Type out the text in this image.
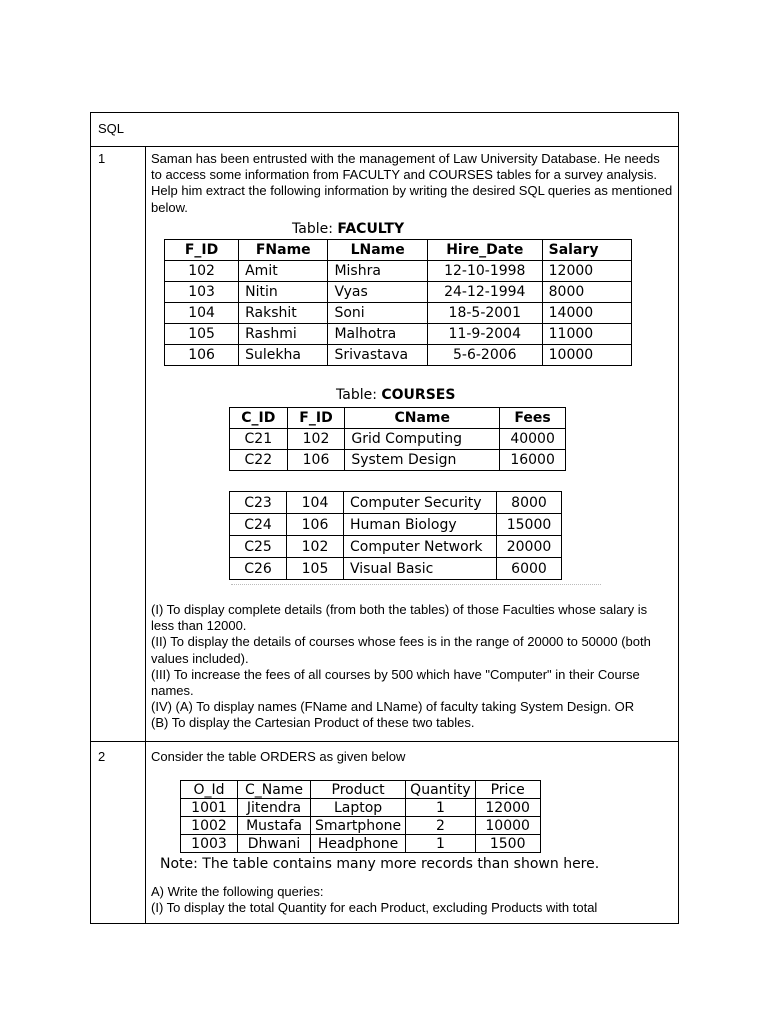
SQL
1	Saman has been entrusted with the management of Law University Database. He needs to access some information from FACULTY and COURSES tables for a survey analysis. Help him extract the following information by writing the desired SQL queries as mentioned below.
Table: FACULTY
F_ID	FName	LName	Hire_Date	Salary
102	Amit	Mishra	12-10-1998	12000
103	Nitin	Vyas	24-12-1994	8000
104	Rakshit	Soni	18-5-2001	14000
105	Rashmi	Malhotra	11-9-2004	11000
106	Sulekha	Srivastava	5-6-2006	10000
Table: COURSES
C_ID	F_ID	CName	Fees
C21	102	Grid Computing	40000
C22	106	System Design	16000
C23	104	Computer Security	8000
C24	106	Human Biology	15000
C25	102	Computer Network	20000
C26	105	Visual Basic	6000
(I) To display complete details (from both the tables) of those Faculties whose salary is less than 12000.
(II) To display the details of courses whose fees is in the range of 20000 to 50000 (both values included).
(III) To increase the fees of all courses by 500 which have "Computer" in their Course names.
(IV) (A) To display names (FName and LName) of faculty taking System Design. OR
(B) To display the Cartesian Product of these two tables.
2	Consider the table ORDERS as given below
O_Id	C_Name	Product	Quantity	Price
1001	Jitendra	Laptop	1	12000
1002	Mustafa	Smartphone	2	10000
1003	Dhwani	Headphone	1	1500
Note: The table contains many more records than shown here.
A) Write the following queries:
(I) To display the total Quantity for each Product, excluding Products with total
